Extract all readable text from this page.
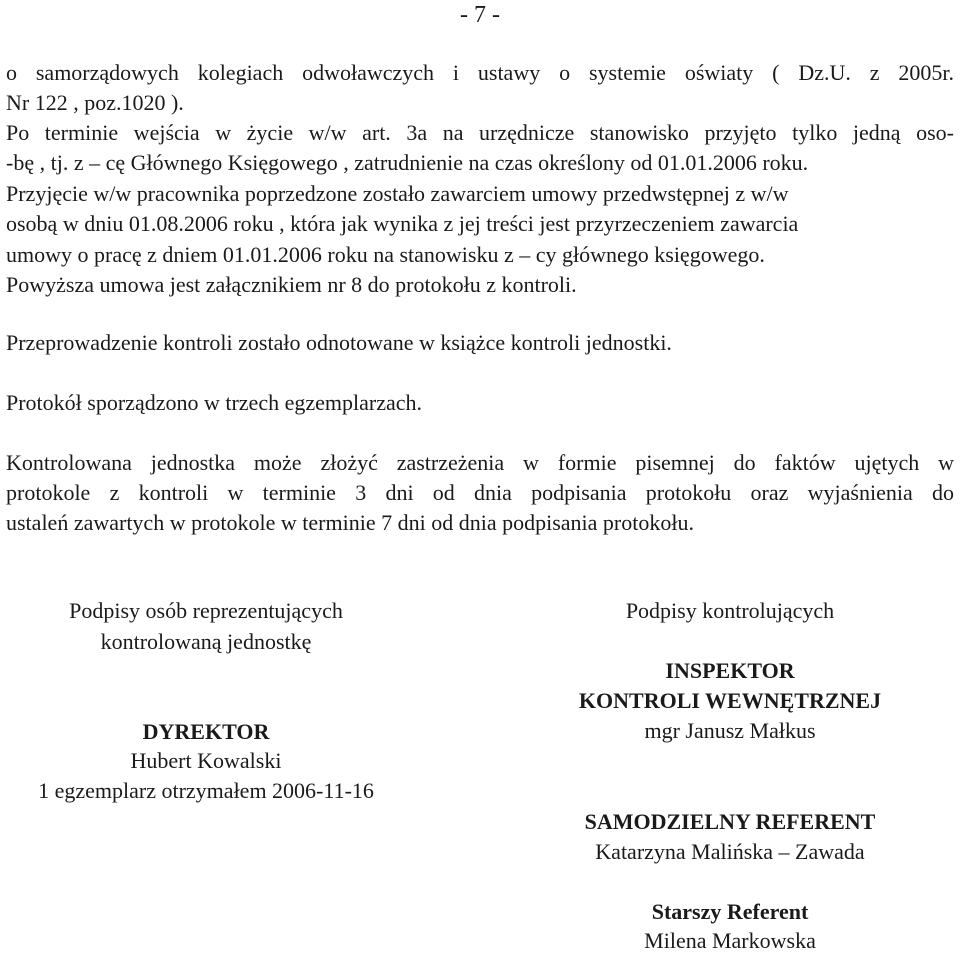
- 7 -
o samorządowych kolegiach odwoławczych i ustawy o systemie oświaty ( Dz.U. z 2005r.
Nr 122 , poz.1020 ).
Po terminie wejścia w życie w/w art. 3a na urzędnicze stanowisko przyjęto tylko jedną oso-
-bę , tj. z – cę Głównego Księgowego , zatrudnienie na czas określony od 01.01.2006 roku.
Przyjęcie w/w pracownika poprzedzone zostało zawarciem umowy przedwstępnej z w/w
osobą w dniu 01.08.2006 roku , która jak wynika z jej treści jest przyrzeczeniem zawarcia
umowy o pracę z dniem 01.01.2006 roku na stanowisku z – cy głównego księgowego.
Powyższa umowa jest załącznikiem nr 8 do protokołu z kontroli.
Przeprowadzenie kontroli zostało odnotowane w książce kontroli jednostki.
Protokół sporządzono w trzech egzemplarzach.
Kontrolowana jednostka może złożyć zastrzeżenia w formie pisemnej do faktów ujętych w
protokole z kontroli w terminie 3 dni od dnia podpisania protokołu oraz wyjaśnienia do
ustaleń zawartych w protokole w terminie 7 dni od dnia podpisania protokołu.
Podpisy osób reprezentujących
kontrolowaną jednostkę
DYREKTOR
Hubert Kowalski
1 egzemplarz otrzymałem 2006-11-16
Podpisy kontrolujących
INSPEKTOR
KONTROLI WEWNĘTRZNEJ
mgr Janusz Małkus
SAMODZIELNY REFERENT
Katarzyna Malińska – Zawada
Starszy Referent
Milena Markowska
